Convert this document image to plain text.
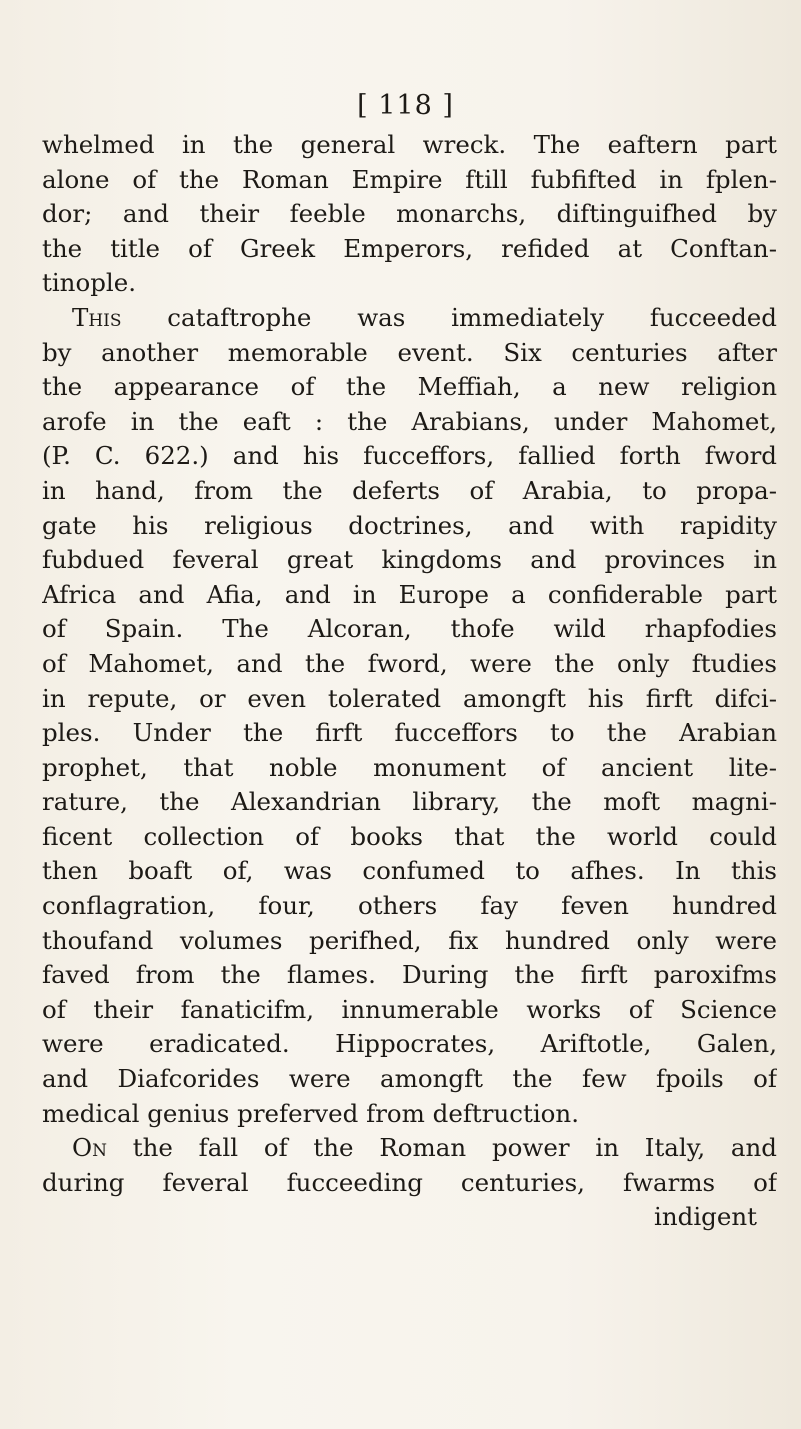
[ 118 ]
whelmed in the general wreck. The eaftern part
alone of the Roman Empire ftill fubfifted in fplen-
dor; and their feeble monarchs, diftinguifhed by
the title of Greek Emperors, refided at Conftan-
tinople.
This cataftrophe was immediately fucceeded
by another memorable event. Six centuries after
the appearance of the Meffiah, a new religion
arofe in the eaft : the Arabians, under Mahomet,
(P. C. 622.) and his fucceffors, fallied forth fword
in hand, from the deferts of Arabia, to propa-
gate his religious doctrines, and with rapidity
fubdued feveral great kingdoms and provinces in
Africa and Afia, and in Europe a confiderable part
of Spain. The Alcoran, thofe wild rhapfodies
of Mahomet, and the fword, were the only ftudies
in repute, or even tolerated amongft his firft difci-
ples. Under the firft fucceffors to the Arabian
prophet, that noble monument of ancient lite-
rature, the Alexandrian library, the moft magni-
ficent collection of books that the world could
then boaft of, was confumed to afhes. In this
conflagration, four, others fay feven hundred
thoufand volumes perifhed, fix hundred only were
faved from the flames. During the firft paroxifms
of their fanaticifm, innumerable works of Science
were eradicated. Hippocrates, Ariftotle, Galen,
and Diafcorides were amongft the few fpoils of
medical genius preferved from deftruction.
On the fall of the Roman power in Italy, and
during feveral fucceeding centuries, fwarms of
indigent
